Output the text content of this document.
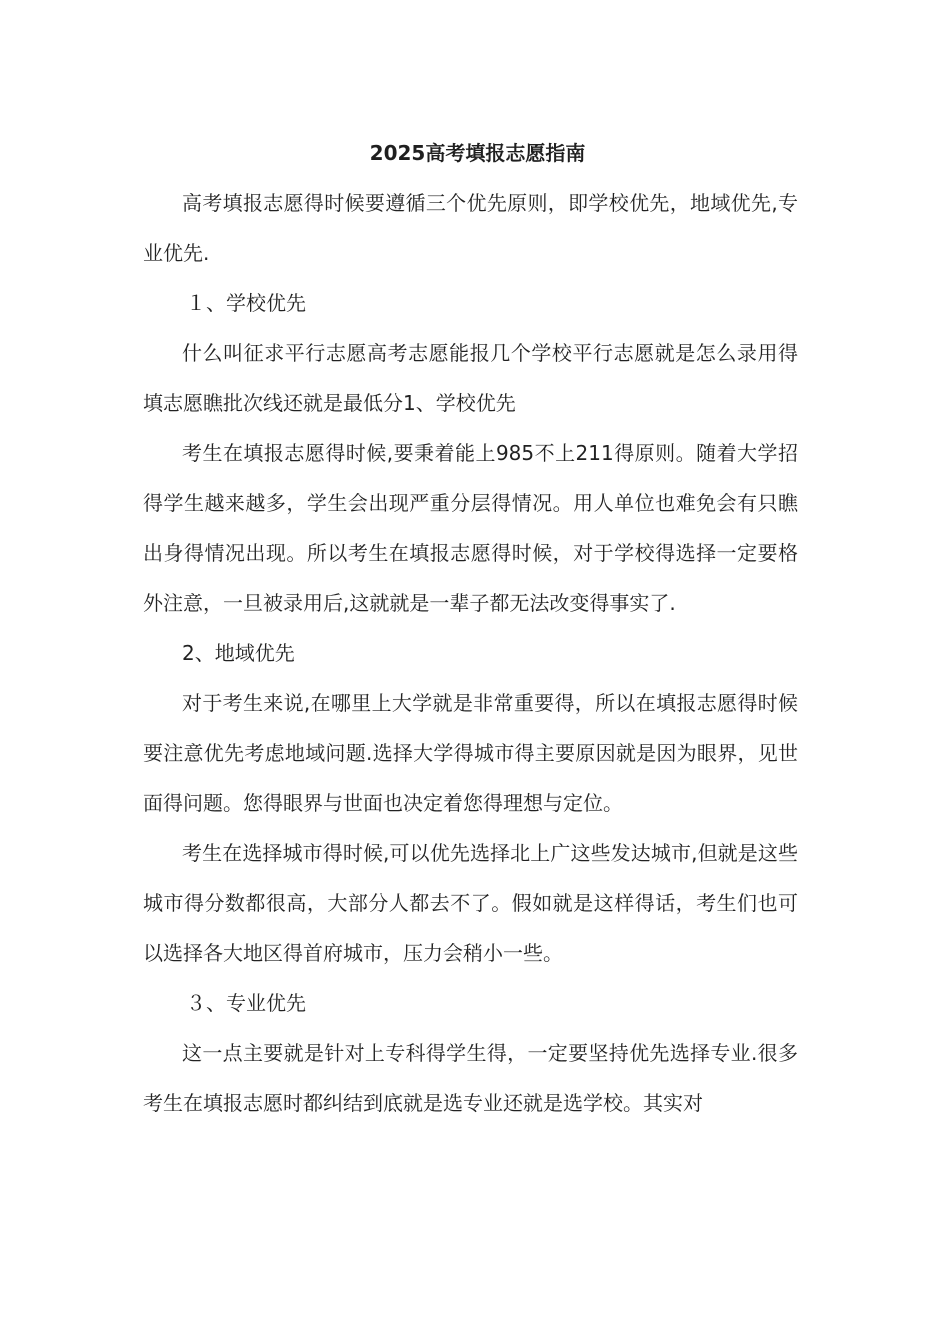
2025高考填报志愿指南

高考填报志愿得时候要遵循三个优先原则，即学校优先，地域优先,专业优先.

１、学校优先

什么叫征求平行志愿高考志愿能报几个学校平行志愿就是怎么录用得填志愿瞧批次线还就是最低分1、学校优先

考生在填报志愿得时候,要秉着能上985不上211得原则。随着大学招得学生越来越多，学生会出现严重分层得情况。用人单位也难免会有只瞧出身得情况出现。所以考生在填报志愿得时候，对于学校得选择一定要格外注意，一旦被录用后,这就就是一辈子都无法改变得事实了.

2、地域优先

对于考生来说,在哪里上大学就是非常重要得，所以在填报志愿得时候要注意优先考虑地域问题.选择大学得城市得主要原因就是因为眼界，见世面得问题。您得眼界与世面也决定着您得理想与定位。

考生在选择城市得时候,可以优先选择北上广这些发达城市,但就是这些城市得分数都很高，大部分人都去不了。假如就是这样得话，考生们也可以选择各大地区得首府城市，压力会稍小一些。

３、专业优先

这一点主要就是针对上专科得学生得，一定要坚持优先选择专业.很多考生在填报志愿时都纠结到底就是选专业还就是选学校。其实对
